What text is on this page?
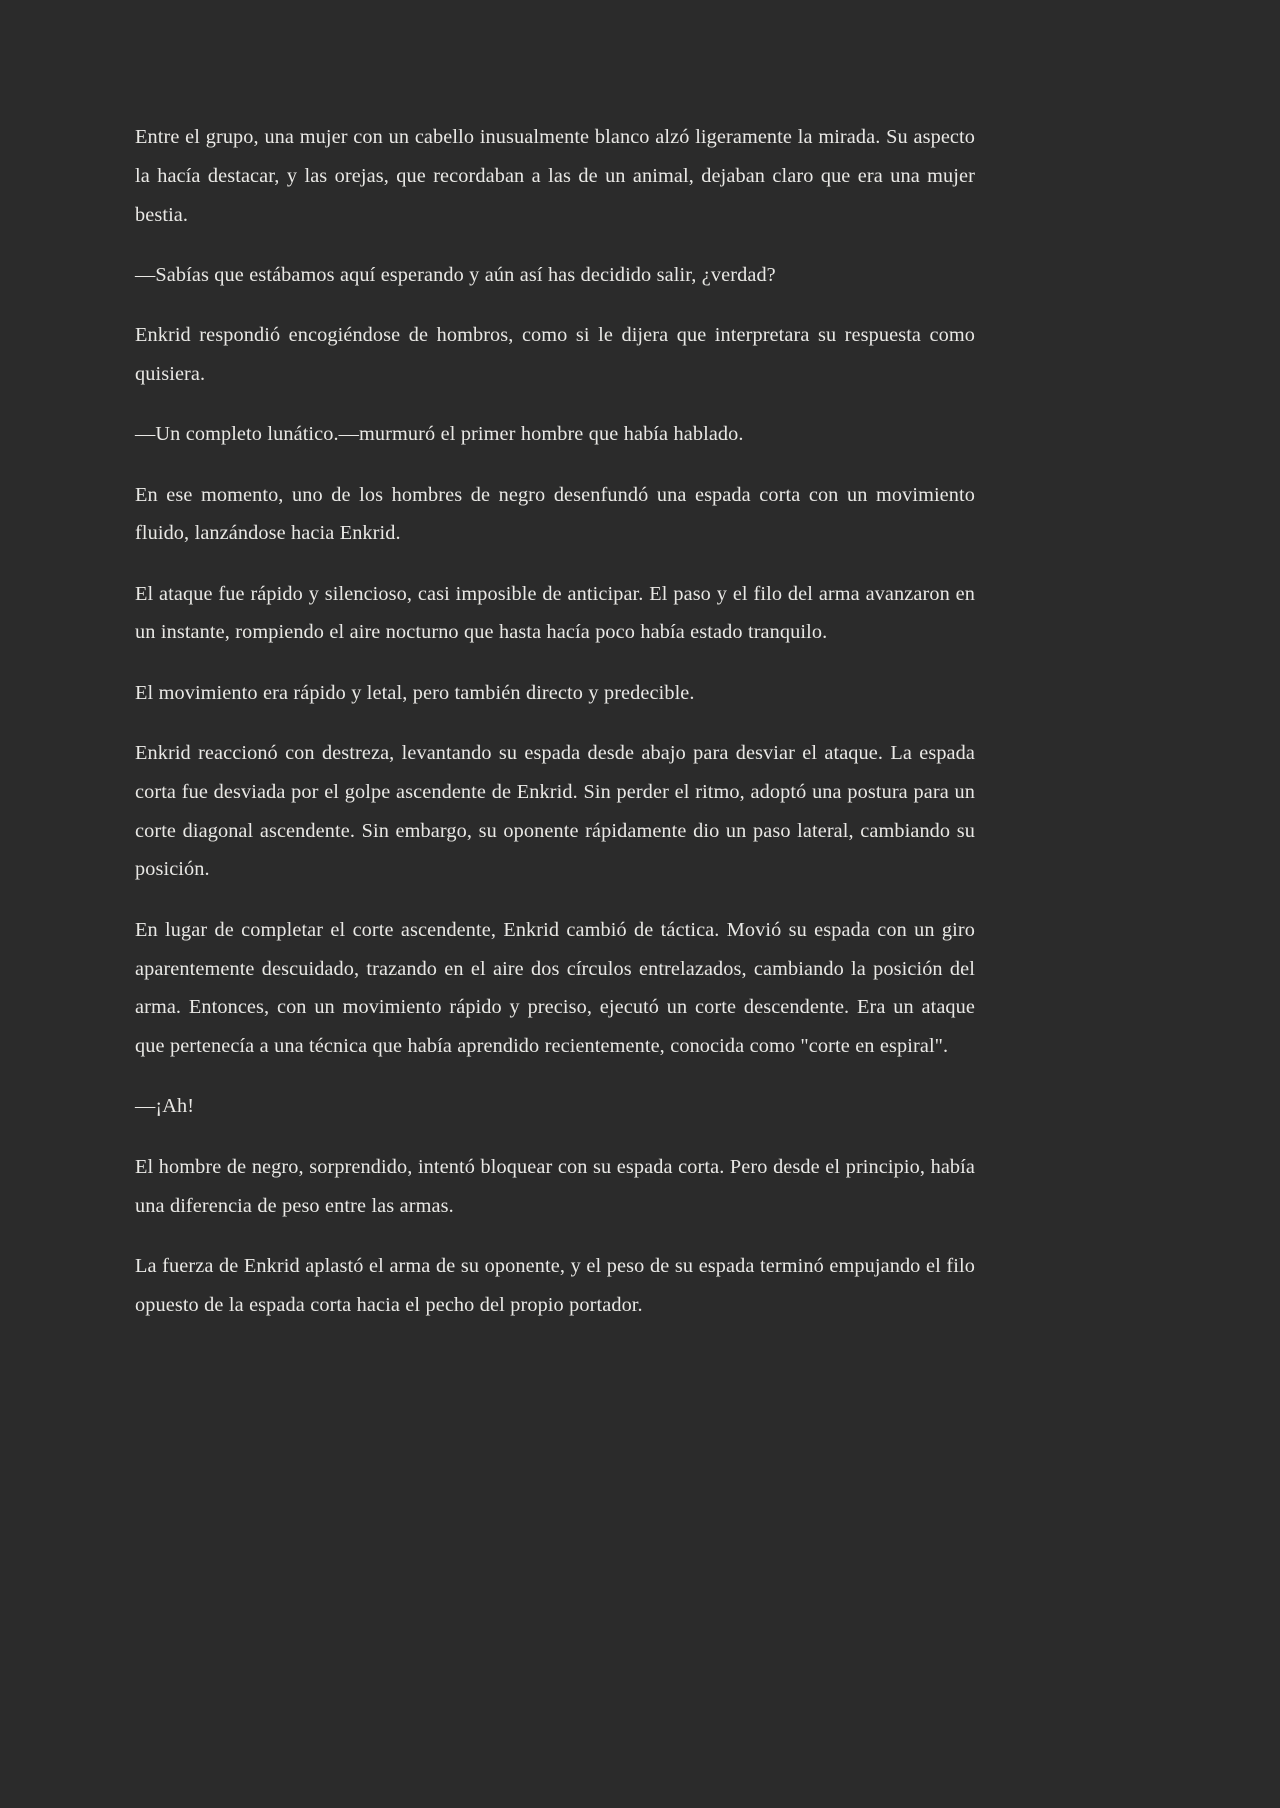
Entre el grupo, una mujer con un cabello inusualmente blanco alzó ligeramente la mirada. Su aspecto la hacía destacar, y las orejas, que recordaban a las de un animal, dejaban claro que era una mujer bestia.

—Sabías que estábamos aquí esperando y aún así has decidido salir, ¿verdad?

Enkrid respondió encogiéndose de hombros, como si le dijera que interpretara su respuesta como quisiera.

—Un completo lunático.—murmuró el primer hombre que había hablado.

En ese momento, uno de los hombres de negro desenfundó una espada corta con un movimiento fluido, lanzándose hacia Enkrid.

El ataque fue rápido y silencioso, casi imposible de anticipar. El paso y el filo del arma avanzaron en un instante, rompiendo el aire nocturno que hasta hacía poco había estado tranquilo.

El movimiento era rápido y letal, pero también directo y predecible.

Enkrid reaccionó con destreza, levantando su espada desde abajo para desviar el ataque. La espada corta fue desviada por el golpe ascendente de Enkrid. Sin perder el ritmo, adoptó una postura para un corte diagonal ascendente. Sin embargo, su oponente rápidamente dio un paso lateral, cambiando su posición.

En lugar de completar el corte ascendente, Enkrid cambió de táctica. Movió su espada con un giro aparentemente descuidado, trazando en el aire dos círculos entrelazados, cambiando la posición del arma. Entonces, con un movimiento rápido y preciso, ejecutó un corte descendente. Era un ataque que pertenecía a una técnica que había aprendido recientemente, conocida como "corte en espiral".

—¡Ah!

El hombre de negro, sorprendido, intentó bloquear con su espada corta. Pero desde el principio, había una diferencia de peso entre las armas.

La fuerza de Enkrid aplastó el arma de su oponente, y el peso de su espada terminó empujando el filo opuesto de la espada corta hacia el pecho del propio portador.
